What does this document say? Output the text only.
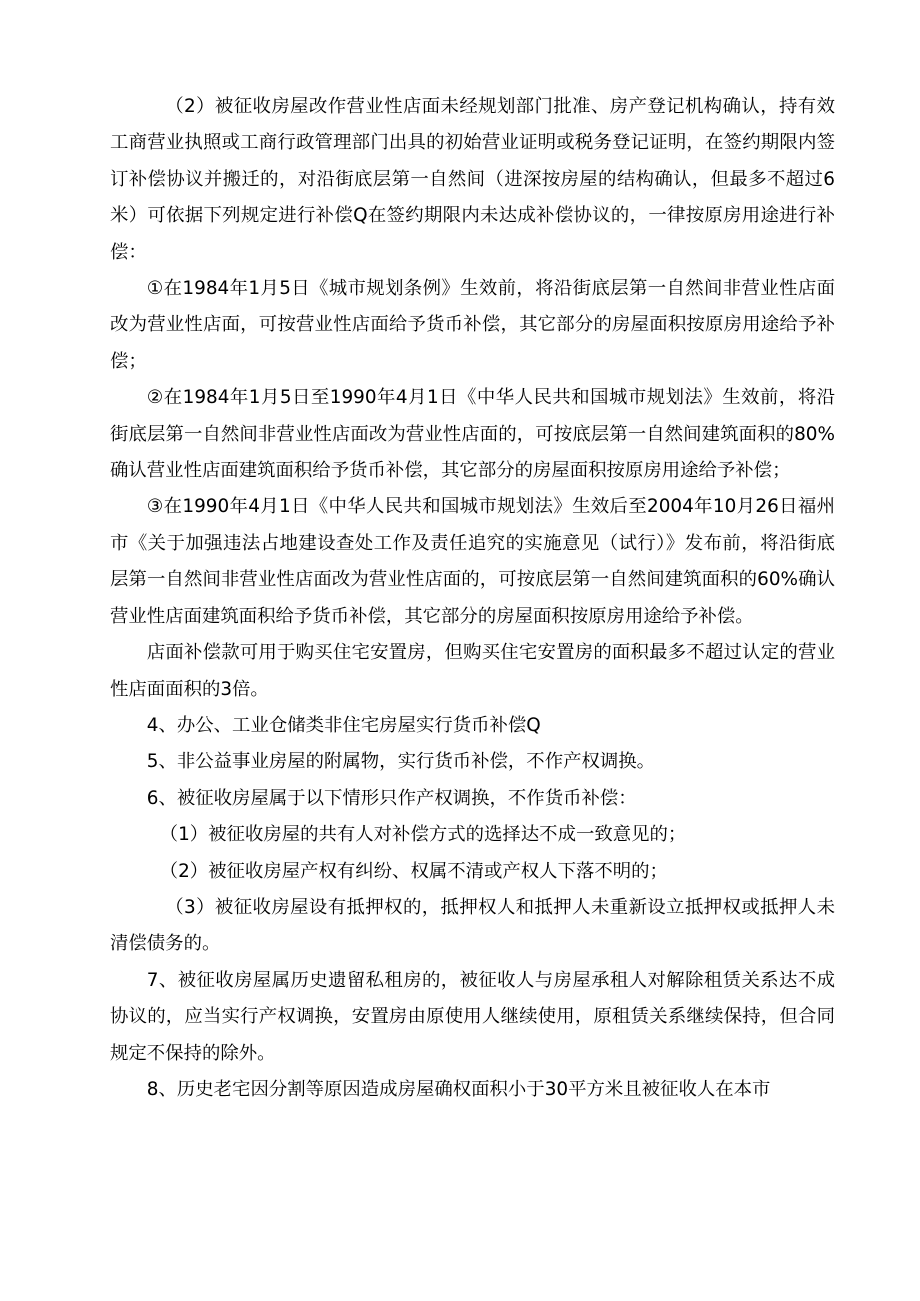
（2）被征收房屋改作营业性店面未经规划部门批准、房产登记机构确认，持有效工商营业执照或工商行政管理部门出具的初始营业证明或税务登记证明，在签约期限内签订补偿协议并搬迁的，对沿街底层第一自然间（进深按房屋的结构确认，但最多不超过6米）可依据下列规定进行补偿Q在签约期限内未达成补偿协议的，一律按原房用途进行补偿：

①在1984年1月5日《城市规划条例》生效前，将沿街底层第一自然间非营业性店面改为营业性店面，可按营业性店面给予货币补偿，其它部分的房屋面积按原房用途给予补偿；

②在1984年1月5日至1990年4月1日《中华人民共和国城市规划法》生效前，将沿街底层第一自然间非营业性店面改为营业性店面的，可按底层第一自然间建筑面积的80%确认营业性店面建筑面积给予货币补偿，其它部分的房屋面积按原房用途给予补偿；

③在1990年4月1日《中华人民共和国城市规划法》生效后至2004年10月26日福州市《关于加强违法占地建设查处工作及责任追究的实施意见（试行）》发布前，将沿街底层第一自然间非营业性店面改为营业性店面的，可按底层第一自然间建筑面积的60%确认营业性店面建筑面积给予货币补偿，其它部分的房屋面积按原房用途给予补偿。

店面补偿款可用于购买住宅安置房，但购买住宅安置房的面积最多不超过认定的营业性店面面积的3倍。

4、办公、工业仓储类非住宅房屋实行货币补偿Q

5、非公益事业房屋的附属物，实行货币补偿，不作产权调换。

6、被征收房屋属于以下情形只作产权调换，不作货币补偿：

（1）被征收房屋的共有人对补偿方式的选择达不成一致意见的；

（2）被征收房屋产权有纠纷、权属不清或产权人下落不明的；

（3）被征收房屋设有抵押权的，抵押权人和抵押人未重新设立抵押权或抵押人未清偿债务的。

7、被征收房屋属历史遗留私租房的，被征收人与房屋承租人对解除租赁关系达不成协议的，应当实行产权调换，安置房由原使用人继续使用，原租赁关系继续保持，但合同规定不保持的除外。

8、历史老宅因分割等原因造成房屋确权面积小于30平方米且被征收人在本市
